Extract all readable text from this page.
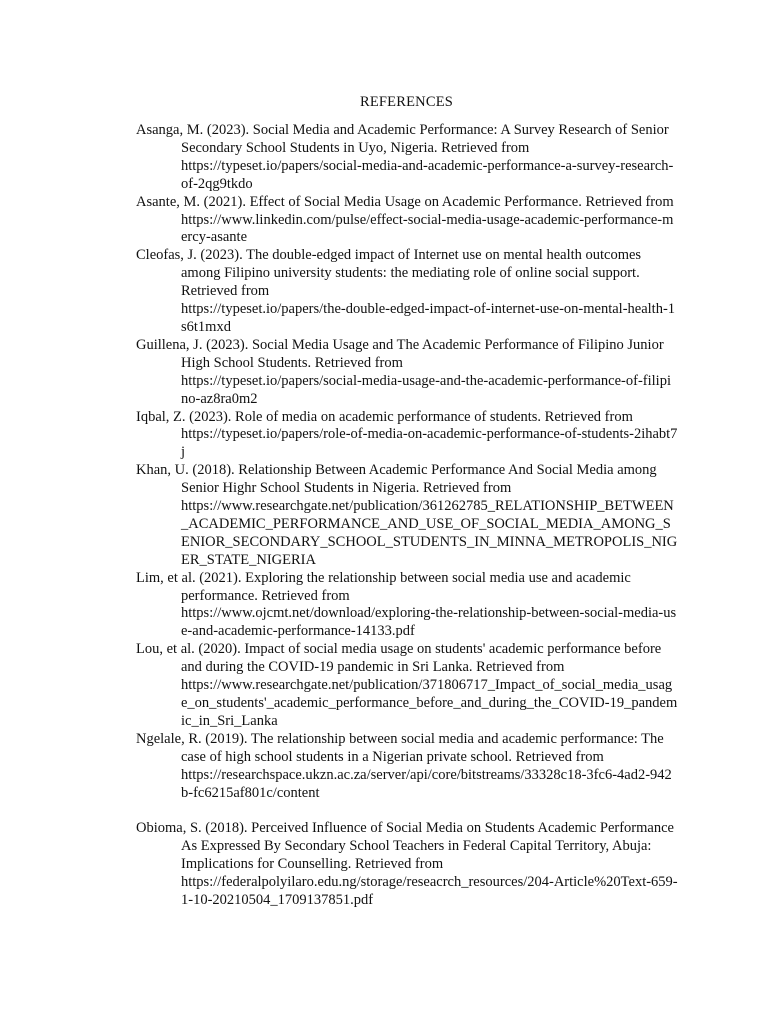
REFERENCES
Asanga, M. (2023). Social Media and Academic Performance: A Survey Research of Senior Secondary School Students in Uyo, Nigeria. Retrieved from
https://typeset.io/papers/social-media-and-academic-performance-a-survey-research-of-2qg9tkdo
Asante, M. (2021). Effect of Social Media Usage on Academic Performance. Retrieved from
https://www.linkedin.com/pulse/effect-social-media-usage-academic-performance-mercy-asante
Cleofas, J. (2023). The double-edged impact of Internet use on mental health outcomes among Filipino university students: the mediating role of online social support. Retrieved from
https://typeset.io/papers/the-double-edged-impact-of-internet-use-on-mental-health-1s6t1mxd
Guillena, J. (2023). Social Media Usage and The Academic Performance of Filipino Junior High School Students. Retrieved from
https://typeset.io/papers/social-media-usage-and-the-academic-performance-of-filipino-az8ra0m2
Iqbal, Z. (2023). Role of media on academic performance of students. Retrieved from
https://typeset.io/papers/role-of-media-on-academic-performance-of-students-2ihabt7j
Khan, U. (2018). Relationship Between Academic Performance And Social Media among Senior Highr School Students in Nigeria. Retrieved from
https://www.researchgate.net/publication/361262785_RELATIONSHIP_BETWEEN_ACADEMIC_PERFORMANCE_AND_USE_OF_SOCIAL_MEDIA_AMONG_SENIOR_SECONDARY_SCHOOL_STUDENTS_IN_MINNA_METROPOLIS_NIGER_STATE_NIGERIA
Lim, et al. (2021). Exploring the relationship between social media use and academic performance. Retrieved from
https://www.ojcmt.net/download/exploring-the-relationship-between-social-media-use-and-academic-performance-14133.pdf
Lou, et al. (2020). Impact of social media usage on students' academic performance before and during the COVID-19 pandemic in Sri Lanka. Retrieved from
https://www.researchgate.net/publication/371806717_Impact_of_social_media_usage_on_students'_academic_performance_before_and_during_the_COVID-19_pandemic_in_Sri_Lanka
Ngelale, R. (2019). The relationship between social media and academic performance: The case of high school students in a Nigerian private school. Retrieved from
https://researchspace.ukzn.ac.za/server/api/core/bitstreams/33328c18-3fc6-4ad2-942b-fc6215af801c/content
Obioma, S. (2018). Perceived Influence of Social Media on Students Academic Performance As Expressed By Secondary School Teachers in Federal Capital Territory, Abuja: Implications for Counselling. Retrieved from
https://federalpolyilaro.edu.ng/storage/reseacrch_resources/204-Article%20Text-659-1-10-20210504_1709137851.pdf
